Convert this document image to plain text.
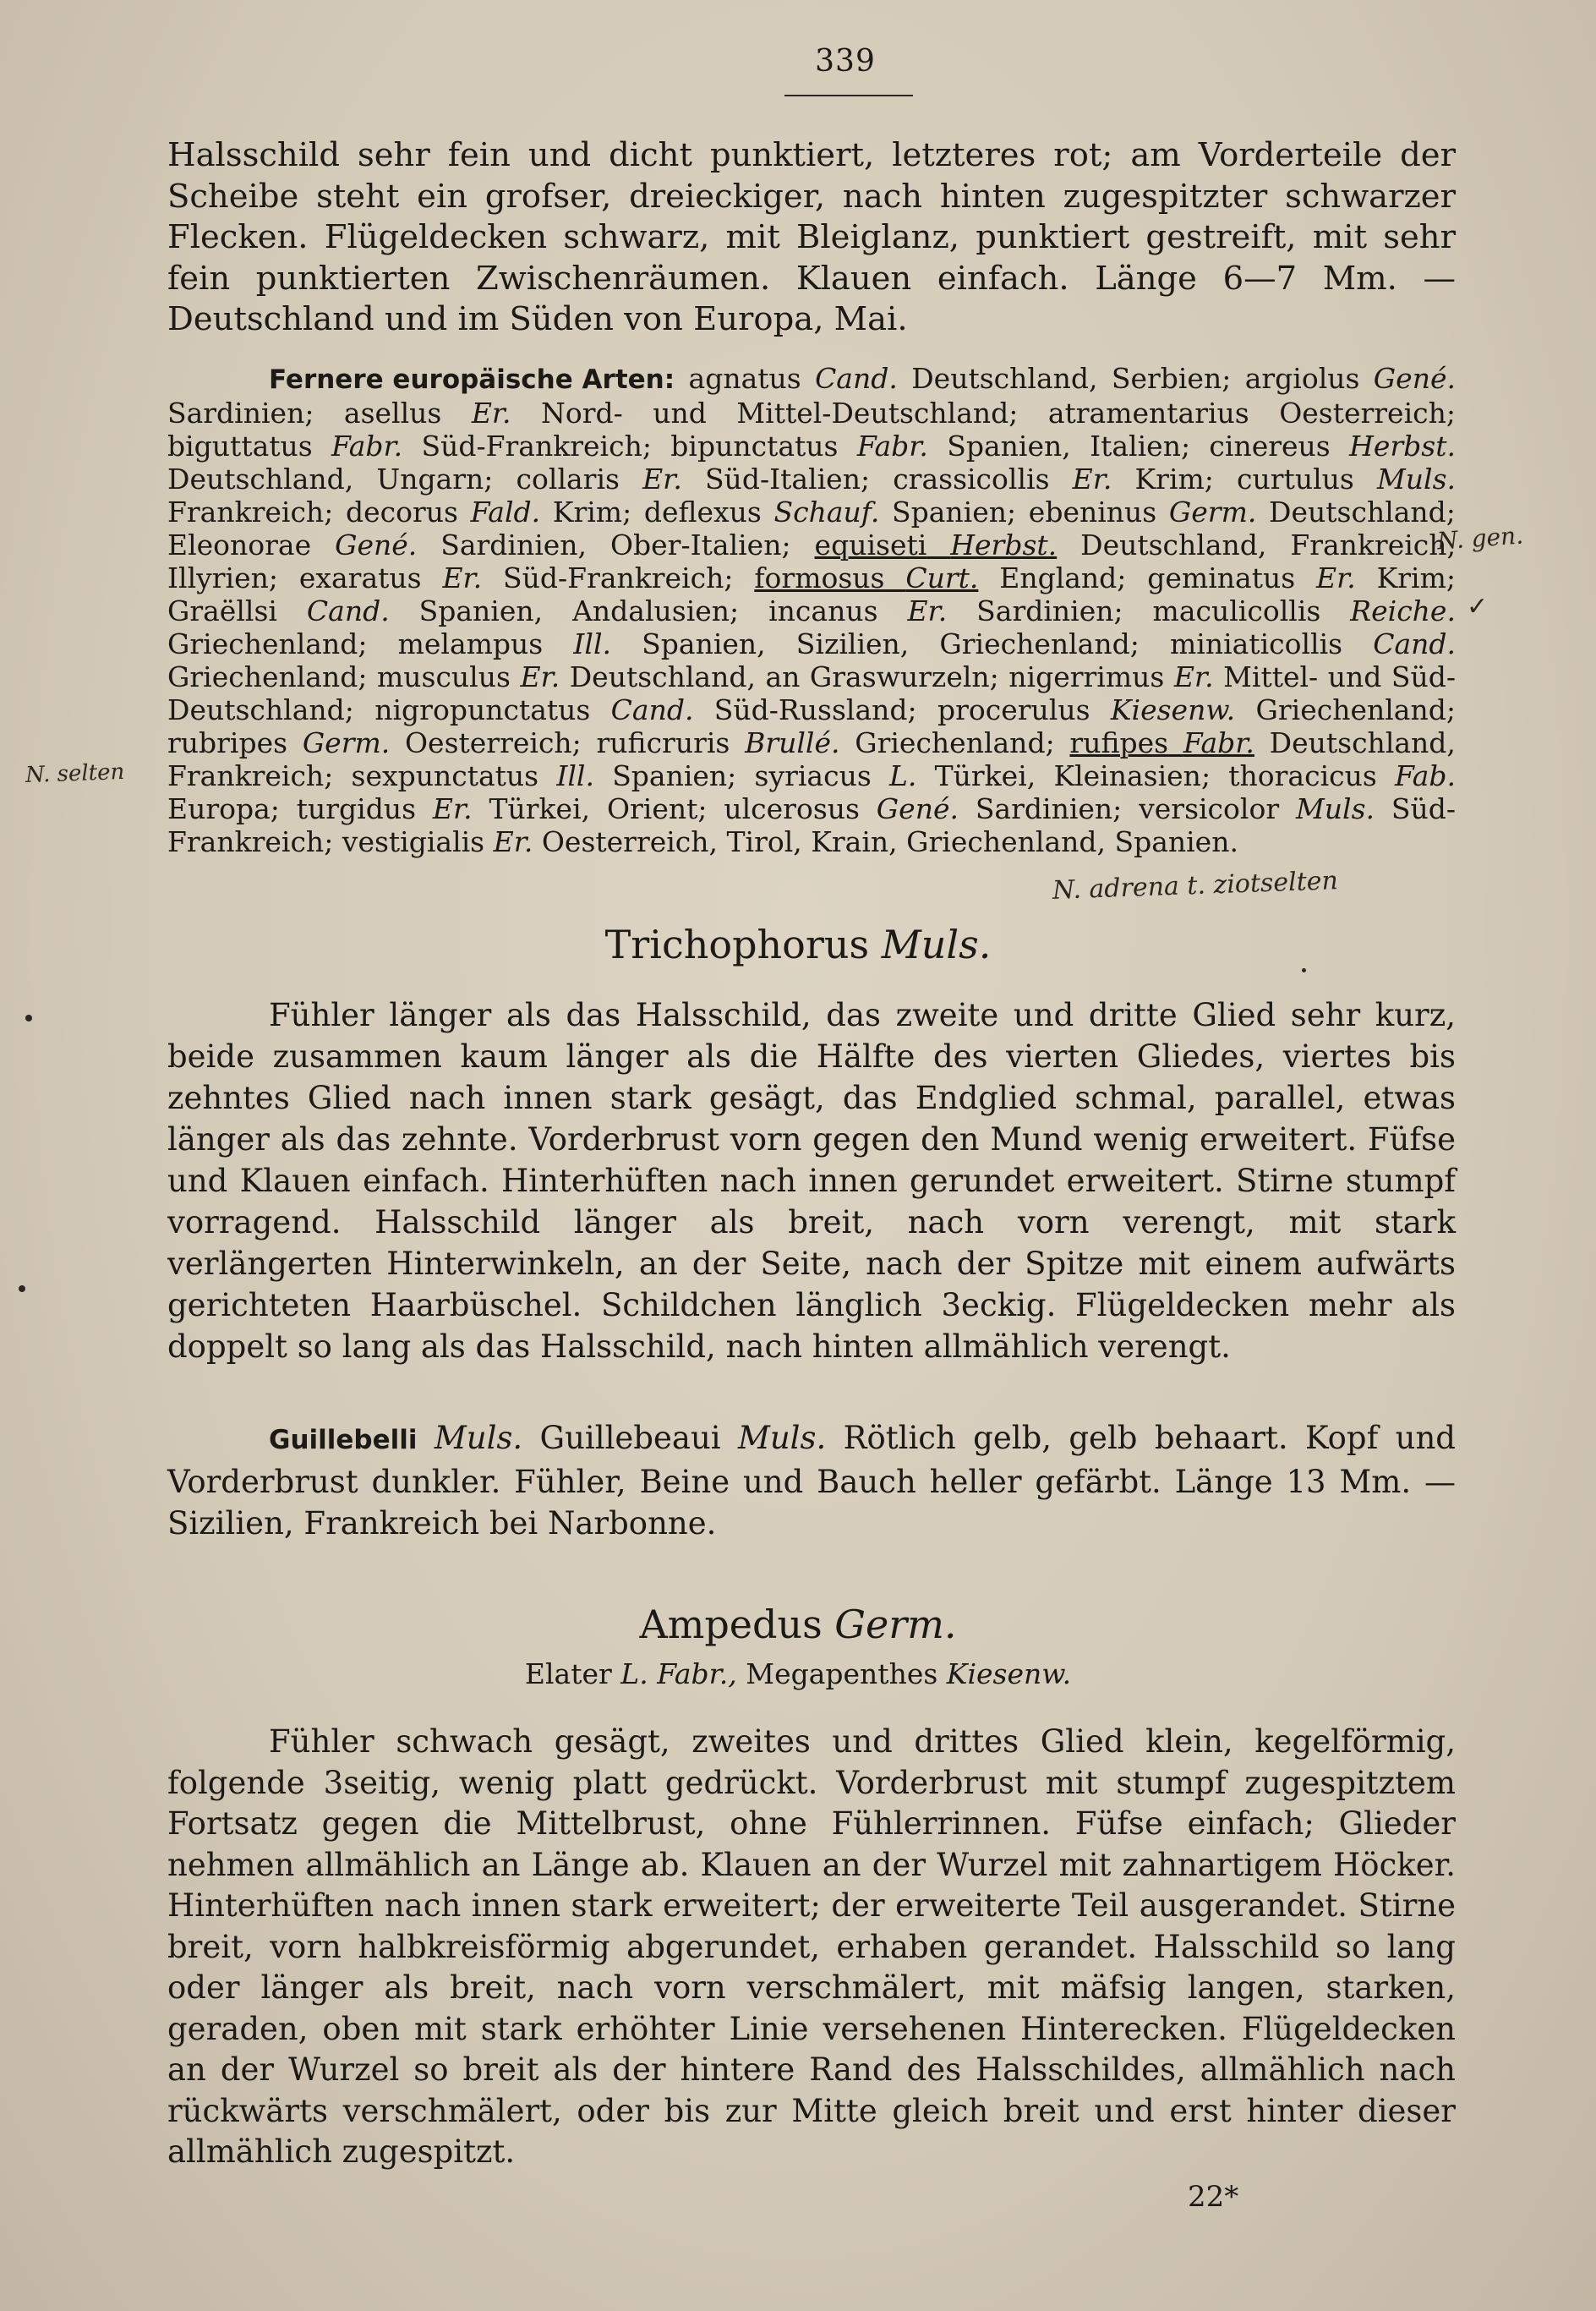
339
Halsschild sehr fein und dicht punktiert, letzteres rot; am Vorderteile der Scheibe steht ein grofser, dreieckiger, nach hinten zugespitzter schwarzer Flecken. Flügeldecken schwarz, mit Bleiglanz, punktiert gestreift, mit sehr fein punktierten Zwischenräumen. Klauen einfach. Länge 6—7 Mm. — Deutschland und im Süden von Europa, Mai.
Fernere europäische Arten: agnatus Cand. Deutschland, Serbien; argiolus Gené. Sardinien; asellus Er. Nord- und Mittel-Deutschland; atramentarius Oesterreich; biguttatus Fabr. Süd-Frankreich; bipunctatus Fabr. Spanien, Italien; cinereus Herbst. Deutschland, Ungarn; collaris Er. Süd-Italien; crassicollis Er. Krim; curtulus Muls. Frankreich; decorus Fald. Krim; deflexus Schauf. Spanien; ebeninus Germ. Deutschland; Eleonorae Gené. Sardinien, Ober-Italien; equiseti Herbst. Deutschland, Frankreich, Illyrien; exaratus Er. Süd-Frankreich; formosus Curt. England; geminatus Er. Krim; Graëllsi Cand. Spanien, Andalusien; incanus Er. Sardinien; maculicollis Reiche. Griechenland; melampus Ill. Spanien, Sizilien, Griechenland; miniaticollis Cand. Griechenland; musculus Er. Deutschland, an Graswurzeln; nigerrimus Er. Mittel- und Süd-Deutschland; nigropunctatus Cand. Süd-Russland; procerulus Kiesenw. Griechenland; rubripes Germ. Oesterreich; ruficruris Brullé. Griechenland; rufipes Fabr. Deutschland, Frankreich; sexpunctatus Ill. Spanien; syriacus L. Türkei, Kleinasien; thoracicus Fab. Europa; turgidus Er. Türkei, Orient; ulcerosus Gené. Sardinien; versicolor Muls. Süd-Frankreich; vestigialis Er. Oesterreich, Tirol, Krain, Griechenland, Spanien.
Trichophorus Muls.
Fühler länger als das Halsschild, das zweite und dritte Glied sehr kurz, beide zusammen kaum länger als die Hälfte des vierten Gliedes, viertes bis zehntes Glied nach innen stark gesägt, das Endglied schmal, parallel, etwas länger als das zehnte. Vorderbrust vorn gegen den Mund wenig erweitert. Füfse und Klauen einfach. Hinterhüften nach innen gerundet erweitert. Stirne stumpf vorragend. Halsschild länger als breit, nach vorn verengt, mit stark verlängerten Hinterwinkeln, an der Seite, nach der Spitze mit einem aufwärts gerichteten Haarbüschel. Schildchen länglich 3eckig. Flügeldecken mehr als doppelt so lang als das Halsschild, nach hinten allmählich verengt.
Guillebelli Muls. Guillebeaui Muls. Rötlich gelb, gelb behaart. Kopf und Vorderbrust dunkler. Fühler, Beine und Bauch heller gefärbt. Länge 13 Mm. — Sizilien, Frankreich bei Narbonne.
Ampedus Germ.
Elater L. Fabr., Megapenthes Kiesenw.
Fühler schwach gesägt, zweites und drittes Glied klein, kegelförmig, folgende 3seitig, wenig platt gedrückt. Vorderbrust mit stumpf zugespitztem Fortsatz gegen die Mittelbrust, ohne Fühlerrinnen. Füfse einfach; Glieder nehmen allmählich an Länge ab. Klauen an der Wurzel mit zahnartigem Höcker. Hinterhüften nach innen stark erweitert; der erweiterte Teil ausgerandet. Stirne breit, vorn halbkreisförmig abgerundet, erhaben gerandet. Halsschild so lang oder länger als breit, nach vorn verschmälert, mit mäfsig langen, starken, geraden, oben mit stark erhöhter Linie versehenen Hinterecken. Flügeldecken an der Wurzel so breit als der hintere Rand des Halsschildes, allmählich nach rückwärts verschmälert, oder bis zur Mitte gleich breit und erst hinter dieser allmählich zugespitzt.
22*
N. gen.
✓
N. selten
N. adrena t. ziotselten
